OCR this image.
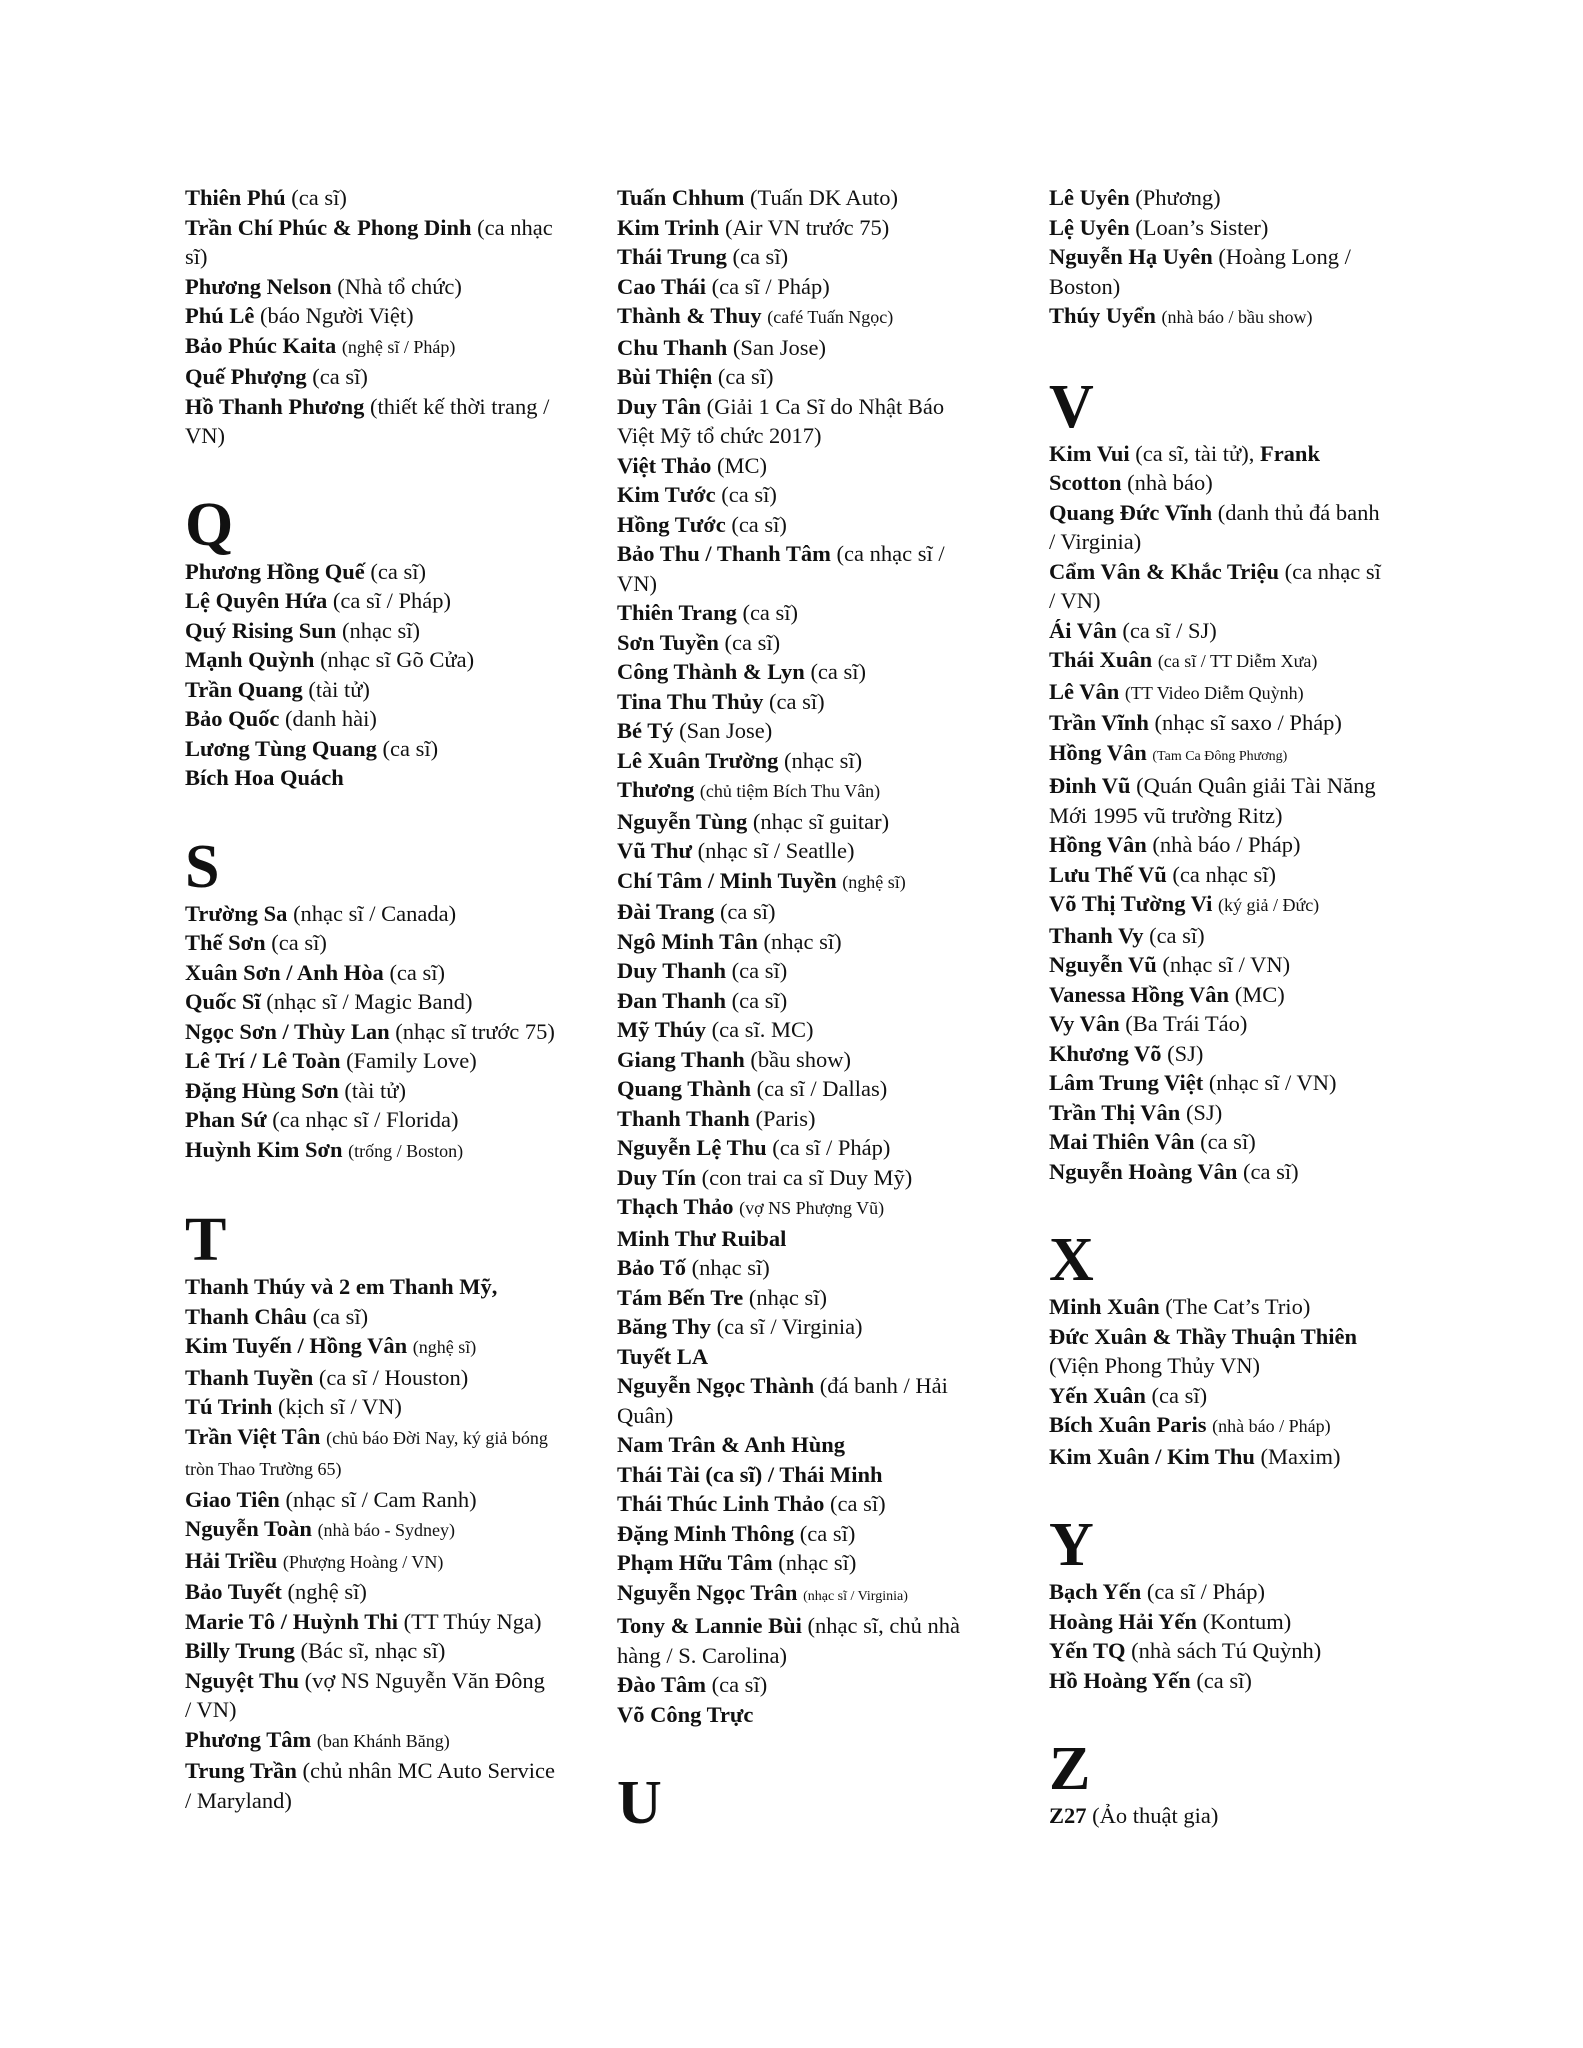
Thiên Phú (ca sĩ)
Trần Chí Phúc & Phong Dinh (ca nhạc sĩ)
Phương Nelson (Nhà tổ chức)
Phú Lê (báo Người Việt)
Bảo Phúc Kaita (nghệ sĩ / Pháp)
Quế Phượng (ca sĩ)
Hồ Thanh Phương (thiết kế thời trang / VN)
Q
Phương Hồng Quế (ca sĩ)
Lệ Quyên Hứa (ca sĩ / Pháp)
Quý Rising Sun (nhạc sĩ)
Mạnh Quỳnh (nhạc sĩ Gõ Cửa)
Trần Quang (tài tử)
Bảo Quốc (danh hài)
Lương Tùng Quang (ca sĩ)
Bích Hoa Quách
S
Trường Sa (nhạc sĩ / Canada)
Thế Sơn (ca sĩ)
Xuân Sơn / Anh Hòa (ca sĩ)
Quốc Sĩ (nhạc sĩ / Magic Band)
Ngọc Sơn / Thùy Lan (nhạc sĩ trước 75)
Lê Trí / Lê Toàn (Family Love)
Đặng Hùng Sơn (tài tử)
Phan Sứ (ca nhạc sĩ / Florida)
Huỳnh Kim Sơn (trống / Boston)
T
Thanh Thúy và 2 em Thanh Mỹ, Thanh Châu (ca sĩ)
Kim Tuyến / Hồng Vân (nghệ sĩ)
Thanh Tuyền (ca sĩ / Houston)
Tú Trinh (kịch sĩ / VN)
Trần Việt Tân (chủ báo Đời Nay, ký giả bóng tròn Thao Trường 65)
Giao Tiên (nhạc sĩ / Cam Ranh)
Nguyễn Toàn (nhà báo - Sydney)
Hải Triều (Phượng Hoàng / VN)
Bảo Tuyết (nghệ sĩ)
Marie Tô / Huỳnh Thi (TT Thúy Nga)
Billy Trung (Bác sĩ, nhạc sĩ)
Nguyệt Thu (vợ NS Nguyễn Văn Đông / VN)
Phương Tâm (ban Khánh Băng)
Trung Trần (chủ nhân MC Auto Service / Maryland)
Tuấn Chhum (Tuấn DK Auto)
Kim Trinh (Air VN trước 75)
Thái Trung (ca sĩ)
Cao Thái (ca sĩ / Pháp)
Thành & Thuy (café Tuấn Ngọc)
Chu Thanh (San Jose)
Bùi Thiện (ca sĩ)
Duy Tân (Giải 1 Ca Sĩ do Nhật Báo Việt Mỹ tổ chức 2017)
Việt Thảo (MC)
Kim Tước (ca sĩ)
Hồng Tước (ca sĩ)
Bảo Thu / Thanh Tâm (ca nhạc sĩ / VN)
Thiên Trang (ca sĩ)
Sơn Tuyền (ca sĩ)
Công Thành & Lyn (ca sĩ)
Tina Thu Thủy (ca sĩ)
Bé Tý (San Jose)
Lê Xuân Trường (nhạc sĩ)
Thương (chủ tiệm Bích Thu Vân)
Nguyễn Tùng (nhạc sĩ guitar)
Vũ Thư (nhạc sĩ / Seatlle)
Chí Tâm / Minh Tuyền (nghệ sĩ)
Đài Trang (ca sĩ)
Ngô Minh Tân (nhạc sĩ)
Duy Thanh (ca sĩ)
Đan Thanh (ca sĩ)
Mỹ Thúy (ca sĩ. MC)
Giang Thanh (bầu show)
Quang Thành (ca sĩ / Dallas)
Thanh Thanh (Paris)
Nguyễn Lệ Thu (ca sĩ / Pháp)
Duy Tín (con trai ca sĩ Duy Mỹ)
Thạch Thảo (vợ NS Phượng Vũ)
Minh Thư Ruibal
Bảo Tố (nhạc sĩ)
Tám Bến Tre (nhạc sĩ)
Băng Thy (ca sĩ / Virginia)
Tuyết LA
Nguyễn Ngọc Thành (đá banh / Hải Quân)
Nam Trân & Anh Hùng
Thái Tài (ca sĩ) / Thái Minh
Thái Thúc Linh Thảo (ca sĩ)
Đặng Minh Thông (ca sĩ)
Phạm Hữu Tâm (nhạc sĩ)
Nguyễn Ngọc Trân (nhạc sĩ / Virginia)
Tony & Lannie Bùi (nhạc sĩ, chủ nhà hàng / S. Carolina)
Đào Tâm (ca sĩ)
Võ Công Trực
U
Lê Uyên (Phương)
Lệ Uyên (Loan’s Sister)
Nguyễn Hạ Uyên (Hoàng Long / Boston)
Thúy Uyển (nhà báo / bầu show)
V
Kim Vui (ca sĩ, tài tử), Frank Scotton (nhà báo)
Quang Đức Vĩnh (danh thủ đá banh / Virginia)
Cẩm Vân & Khắc Triệu (ca nhạc sĩ / VN)
Ái Vân (ca sĩ / SJ)
Thái Xuân (ca sĩ / TT Diễm Xưa)
Lê Vân (TT Video Diễm Quỳnh)
Trần Vĩnh (nhạc sĩ saxo / Pháp)
Hồng Vân (Tam Ca Đông Phương)
Đinh Vũ (Quán Quân giải Tài Năng Mới 1995 vũ trường Ritz)
Hồng Vân (nhà báo / Pháp)
Lưu Thế Vũ (ca nhạc sĩ)
Võ Thị Tường Vi (ký giả / Đức)
Thanh Vy (ca sĩ)
Nguyễn Vũ (nhạc sĩ / VN)
Vanessa Hồng Vân (MC)
Vy Vân (Ba Trái Táo)
Khương Võ (SJ)
Lâm Trung Việt (nhạc sĩ / VN)
Trần Thị Vân (SJ)
Mai Thiên Vân (ca sĩ)
Nguyễn Hoàng Vân (ca sĩ)
X
Minh Xuân (The Cat’s Trio)
Đức Xuân & Thầy Thuận Thiên (Viện Phong Thủy VN)
Yến Xuân (ca sĩ)
Bích Xuân Paris (nhà báo / Pháp)
Kim Xuân / Kim Thu (Maxim)
Y
Bạch Yến (ca sĩ / Pháp)
Hoàng Hải Yến (Kontum)
Yến TQ (nhà sách Tú Quỳnh)
Hồ Hoàng Yến (ca sĩ)
Z
Z27 (Ảo thuật gia)
